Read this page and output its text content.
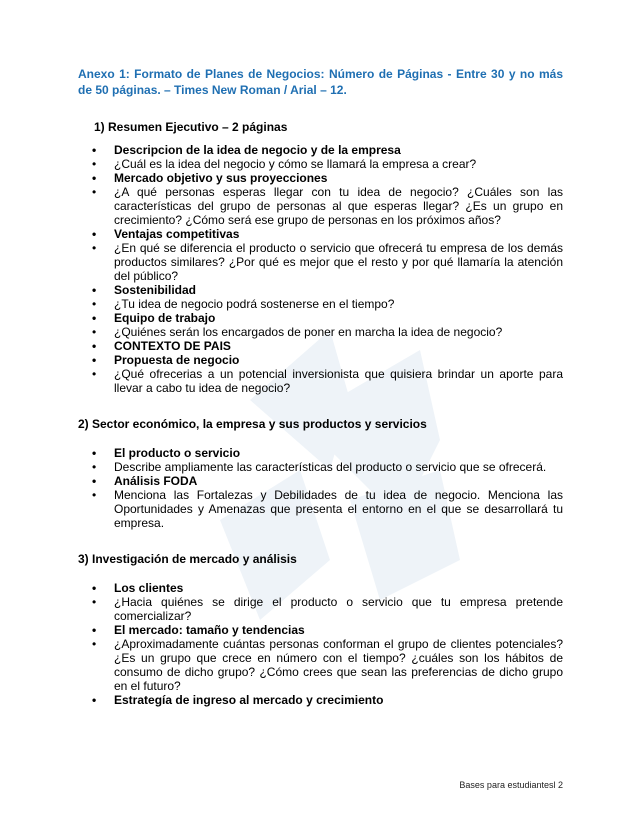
Anexo 1: Formato de Planes de Negocios: Número de Páginas - Entre 30 y no más de 50 páginas. – Times New Roman / Arial – 12.

1) Resumen Ejecutivo – 2 páginas
• Descripcion de la idea de negocio y de la empresa
• ¿Cuál es la idea del negocio y cómo se llamará la empresa a crear?
• Mercado objetivo y sus proyecciones
• ¿A qué personas esperas llegar con tu idea de negocio? ¿Cuáles son las características del grupo de personas al que esperas llegar? ¿Es un grupo en crecimiento? ¿Cómo será ese grupo de personas en los próximos años?
• Ventajas competitivas
• ¿En qué se diferencia el producto o servicio que ofrecerá tu empresa de los demás productos similares? ¿Por qué es mejor que el resto y por qué llamaría la atención del público?
• Sostenibilidad
• ¿Tu idea de negocio podrá sostenerse en el tiempo?
• Equipo de trabajo
• ¿Quiénes serán los encargados de poner en marcha la idea de negocio?
• CONTEXTO DE PAIS
• Propuesta de negocio
• ¿Qué ofrecerias a un potencial inversionista que quisiera brindar un aporte para llevar a cabo tu idea de negocio?
2) Sector económico, la empresa y sus productos y servicios
• El producto o servicio
• Describe ampliamente las características del producto o servicio que se ofrecerá.
• Análisis FODA
• Menciona las Fortalezas y Debilidades de tu idea de negocio. Menciona las Oportunidades y Amenazas que presenta el entorno en el que se desarrollará tu empresa.
3) Investigación de mercado y análisis
• Los clientes
• ¿Hacia quiénes se dirige el producto o servicio que tu empresa pretende comercializar?
• El mercado: tamaño y tendencias
• ¿Aproximadamente cuántas personas conforman el grupo de clientes potenciales? ¿Es un grupo que crece en número con el tiempo? ¿cuáles son los hábitos de consumo de dicho grupo? ¿Cómo crees que sean las preferencias de dicho grupo en el futuro?
• Estrategía de ingreso al mercado y crecimiento
Bases para estudiantesl 2
